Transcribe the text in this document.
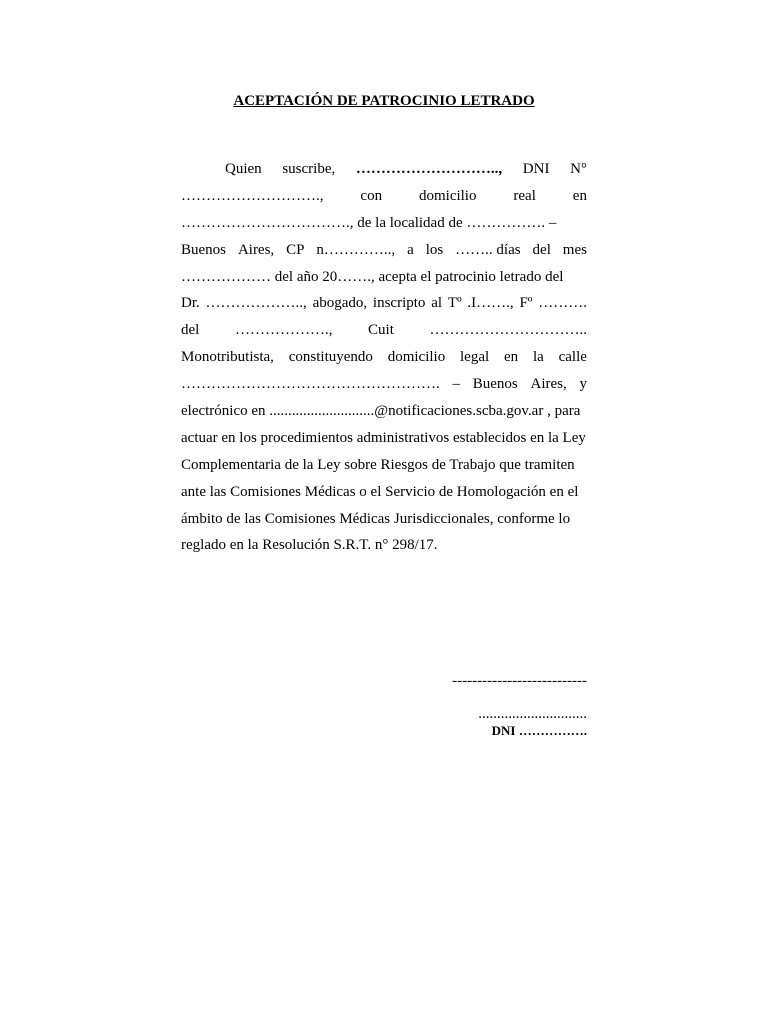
ACEPTACIÓN DE PATROCINIO LETRADO
Quien suscribe, ……………………….., DNI N°
………………………., con domicilio real en
……………………………., de la localidad de ……………. –
Buenos Aires, CP n………….., a los …….. días del mes
……………… del año 20……., acepta el patrocinio letrado del
Dr. ……………….., abogado, inscripto al Tº .I……., Fº ……….
del ………………., Cuit …………………………..
Monotributista, constituyendo domicilio legal en la calle
……………………………………………. – Buenos Aires, y
electrónico en ............................@notificaciones.scba.gov.ar , para
actuar en los procedimientos administrativos establecidos en la Ley
Complementaria de la Ley sobre Riesgos de Trabajo que tramiten
ante las Comisiones Médicas o el Servicio de Homologación en el
ámbito de las Comisiones Médicas Jurisdiccionales, conforme lo
reglado en la Resolución S.R.T. n° 298/17.
---------------------------
.............................
DNI …………….
